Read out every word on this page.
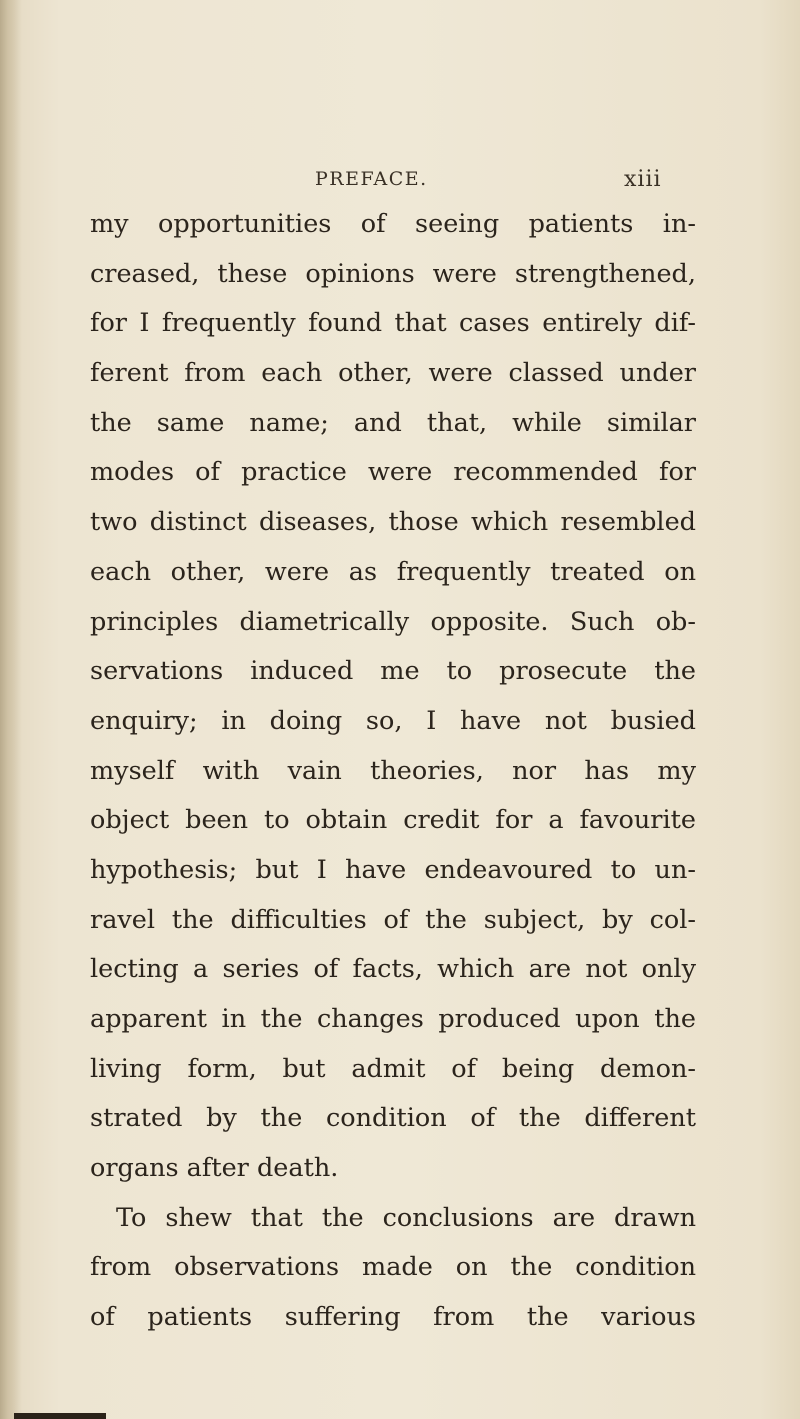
PREFACE.	xiii
my opportunities of seeing patients in-
creased, these opinions were strengthened,
for I frequently found that cases entirely dif-
ferent from each other, were classed under
the same name; and that, while similar
modes of practice were recommended for
two distinct diseases, those which resembled
each other, were as frequently treated on
principles diametrically opposite. Such ob-
servations induced me to prosecute the
enquiry; in doing so, I have not busied
myself with vain theories, nor has my
object been to obtain credit for a favourite
hypothesis; but I have endeavoured to un-
ravel the difficulties of the subject, by col-
lecting a series of facts, which are not only
apparent in the changes produced upon the
living form, but admit of being demon-
strated by the condition of the different
organs after death.
To shew that the conclusions are drawn
from observations made on the condition
of patients suffering from the various
